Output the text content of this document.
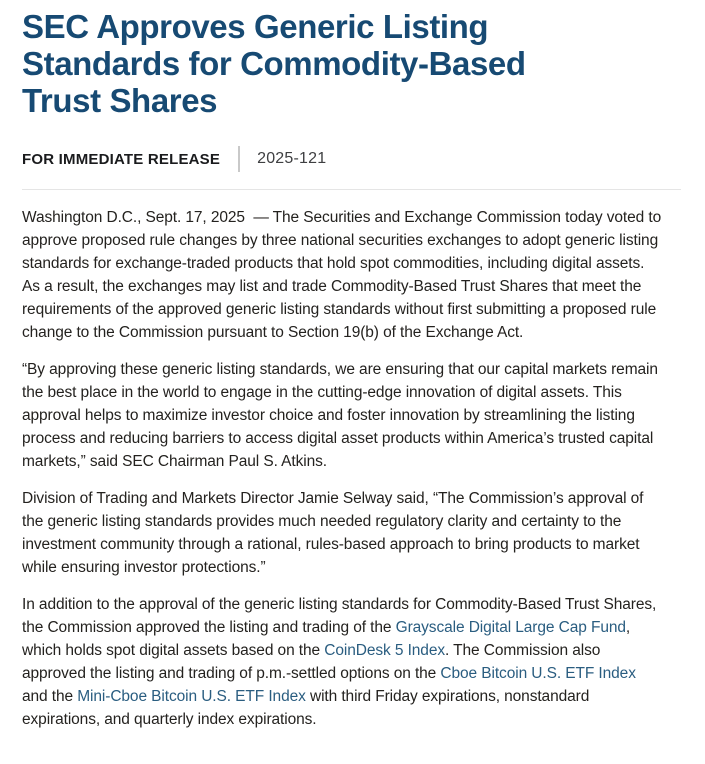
SEC Approves Generic Listing
Standards for Commodity-Based
Trust Shares
FOR IMMEDIATE RELEASE 2025-121

Washington D.C., Sept. 17, 2025  — The Securities and Exchange Commission today voted to approve proposed rule changes by three national securities exchanges to adopt generic listing standards for exchange-traded products that hold spot commodities, including digital assets. As a result, the exchanges may list and trade Commodity-Based Trust Shares that meet the requirements of the approved generic listing standards without first submitting a proposed rule change to the Commission pursuant to Section 19(b) of the Exchange Act.

“By approving these generic listing standards, we are ensuring that our capital markets remain the best place in the world to engage in the cutting-edge innovation of digital assets. This approval helps to maximize investor choice and foster innovation by streamlining the listing process and reducing barriers to access digital asset products within America’s trusted capital markets,” said SEC Chairman Paul S. Atkins.

Division of Trading and Markets Director Jamie Selway said, “The Commission’s approval of the generic listing standards provides much needed regulatory clarity and certainty to the investment community through a rational, rules-based approach to bring products to market while ensuring investor protections.”

In addition to the approval of the generic listing standards for Commodity-Based Trust Shares, the Commission approved the listing and trading of the Grayscale Digital Large Cap Fund, which holds spot digital assets based on the CoinDesk 5 Index. The Commission also approved the listing and trading of p.m.-settled options on the Cboe Bitcoin U.S. ETF Index and the Mini-Cboe Bitcoin U.S. ETF Index with third Friday expirations, nonstandard expirations, and quarterly index expirations.
